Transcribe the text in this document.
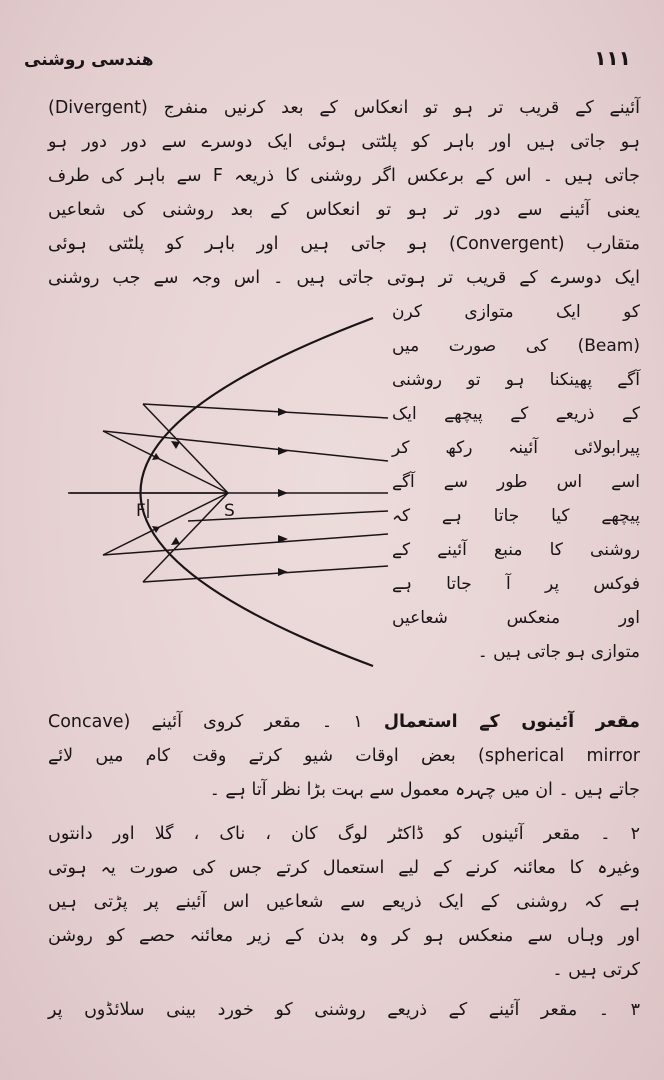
هندسی روشنی	۱۱۱
آئینے کے قریب تر ہو تو انعکاس کے بعد کرنیں منفرج (Divergent)
ہو جاتی ہیں اور باہر کو پلٹتی ہوئی ایک دوسرے سے دور دور ہو
جاتی ہیں ۔ اس کے برعکس اگر روشنی کا ذریعہ F سے باہر کی طرف
یعنی آئینے سے دور تر ہو تو انعکاس کے بعد روشنی کی شعاعیں
متقارب (Convergent) ہو جاتی ہیں اور باہر کو پلٹتی ہوئی
ایک دوسرے کے قریب تر ہوتی جاتی ہیں ۔ اس وجہ سے جب روشنی
کو ایک متوازی کرن
(Beam) کی صورت میں
آگے پھینکنا ہو تو روشنی
کے ذریعے کے پیچھے ایک
پیرابولائی آئینہ رکھ کر
اسے اس طور سے آگے
پیچھے کیا جاتا ہے کہ
روشنی کا منبع آئینے کے
فوکس پر آ جاتا ہے
اور منعکس شعاعیں
متوازی ہو جاتی ہیں ۔
F	S
مقعر آئینوں کے استعمال ۱ ۔ مقعر کروی آئینے (Concave
spherical mirror) بعض اوقات شیو کرتے وقت کام میں لائے
جاتے ہیں ۔ ان میں چہرہ معمول سے بہت بڑا نظر آتا ہے ۔
۲ ۔ مقعر آئینوں کو ڈاکٹر لوگ کان ، ناک ، گلا اور دانتوں
وغیرہ کا معائنہ کرنے کے لیے استعمال کرتے جس کی صورت یہ ہوتی
ہے کہ روشنی کے ایک ذریعے سے شعاعیں اس آئینے پر پڑتی ہیں
اور وہاں سے منعکس ہو کر وہ بدن کے زیر معائنہ حصے کو روشن
کرتی ہیں ۔
۳ ۔ مقعر آئینے کے ذریعے روشنی کو خورد بینی سلائڈوں پر
